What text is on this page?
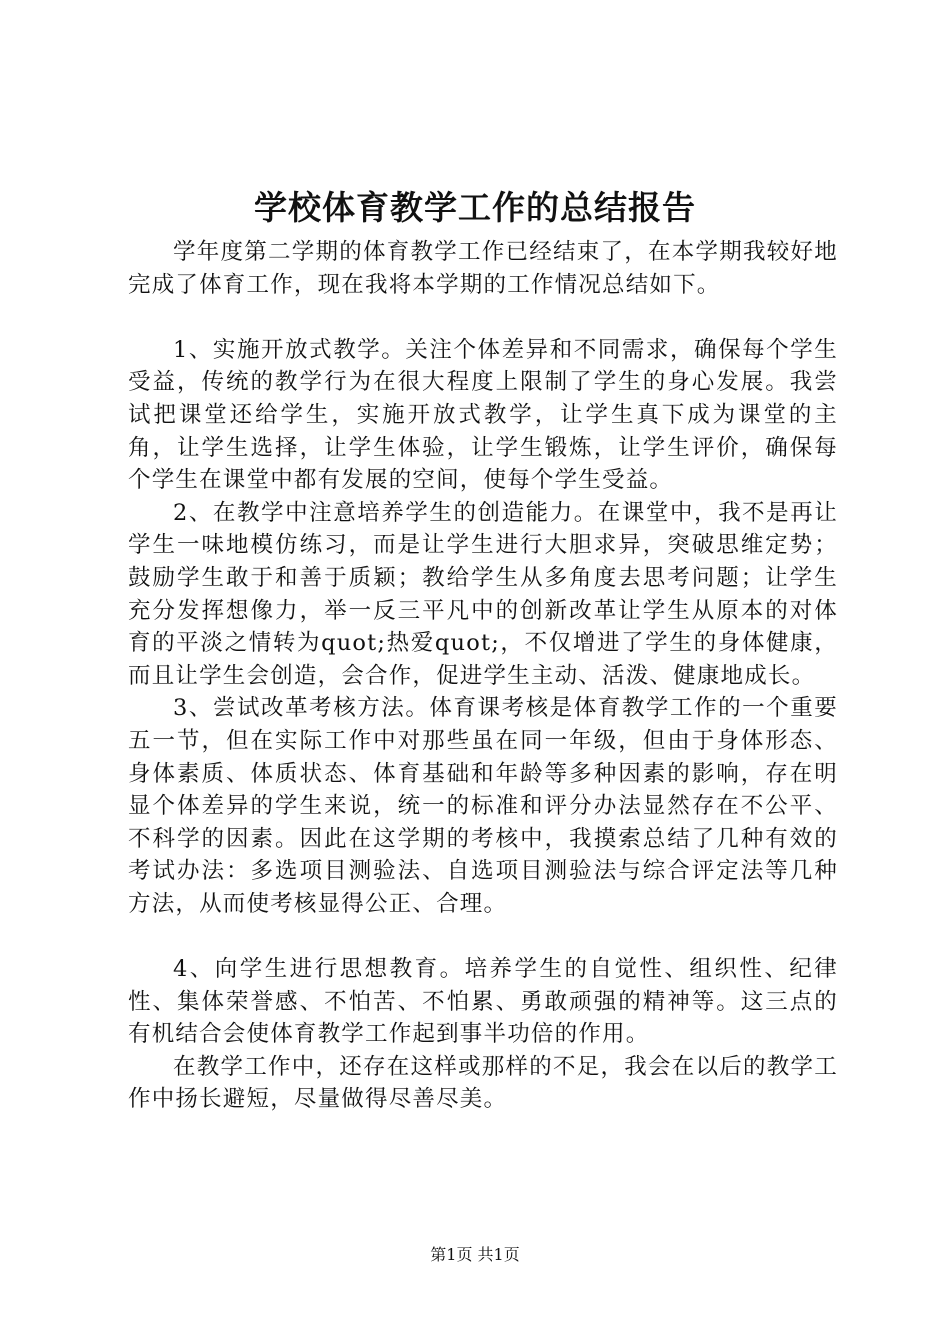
学校体育教学工作的总结报告

学年度第二学期的体育教学工作已经结束了，在本学期我较好地完成了体育工作，现在我将本学期的工作情况总结如下。

1、实施开放式教学。关注个体差异和不同需求，确保每个学生受益，传统的教学行为在很大程度上限制了学生的身心发展。我尝试把课堂还给学生，实施开放式教学，让学生真下成为课堂的主角，让学生选择，让学生体验，让学生锻炼，让学生评价，确保每个学生在课堂中都有发展的空间，使每个学生受益。

2、在教学中注意培养学生的创造能力。在课堂中，我不是再让学生一味地模仿练习，而是让学生进行大胆求异，突破思维定势；鼓励学生敢于和善于质颖；教给学生从多角度去思考问题；让学生充分发挥想像力，举一反三平凡中的创新改革让学生从原本的对体育的平淡之情转为quot;热爱quot;，不仅增进了学生的身体健康，而且让学生会创造，会合作，促进学生主动、活泼、健康地成长。

3、尝试改革考核方法。体育课考核是体育教学工作的一个重要五一节，但在实际工作中对那些虽在同一年级，但由于身体形态、身体素质、体质状态、体育基础和年龄等多种因素的影响，存在明显个体差异的学生来说，统一的标准和评分办法显然存在不公平、不科学的因素。因此在这学期的考核中，我摸索总结了几种有效的考试办法：多选项目测验法、自选项目测验法与综合评定法等几种方法，从而使考核显得公正、合理。

4、向学生进行思想教育。培养学生的自觉性、组织性、纪律性、集体荣誉感、不怕苦、不怕累、勇敢顽强的精神等。这三点的有机结合会使体育教学工作起到事半功倍的作用。

在教学工作中，还存在这样或那样的不足，我会在以后的教学工作中扬长避短，尽量做得尽善尽美。

第1页 共1页
